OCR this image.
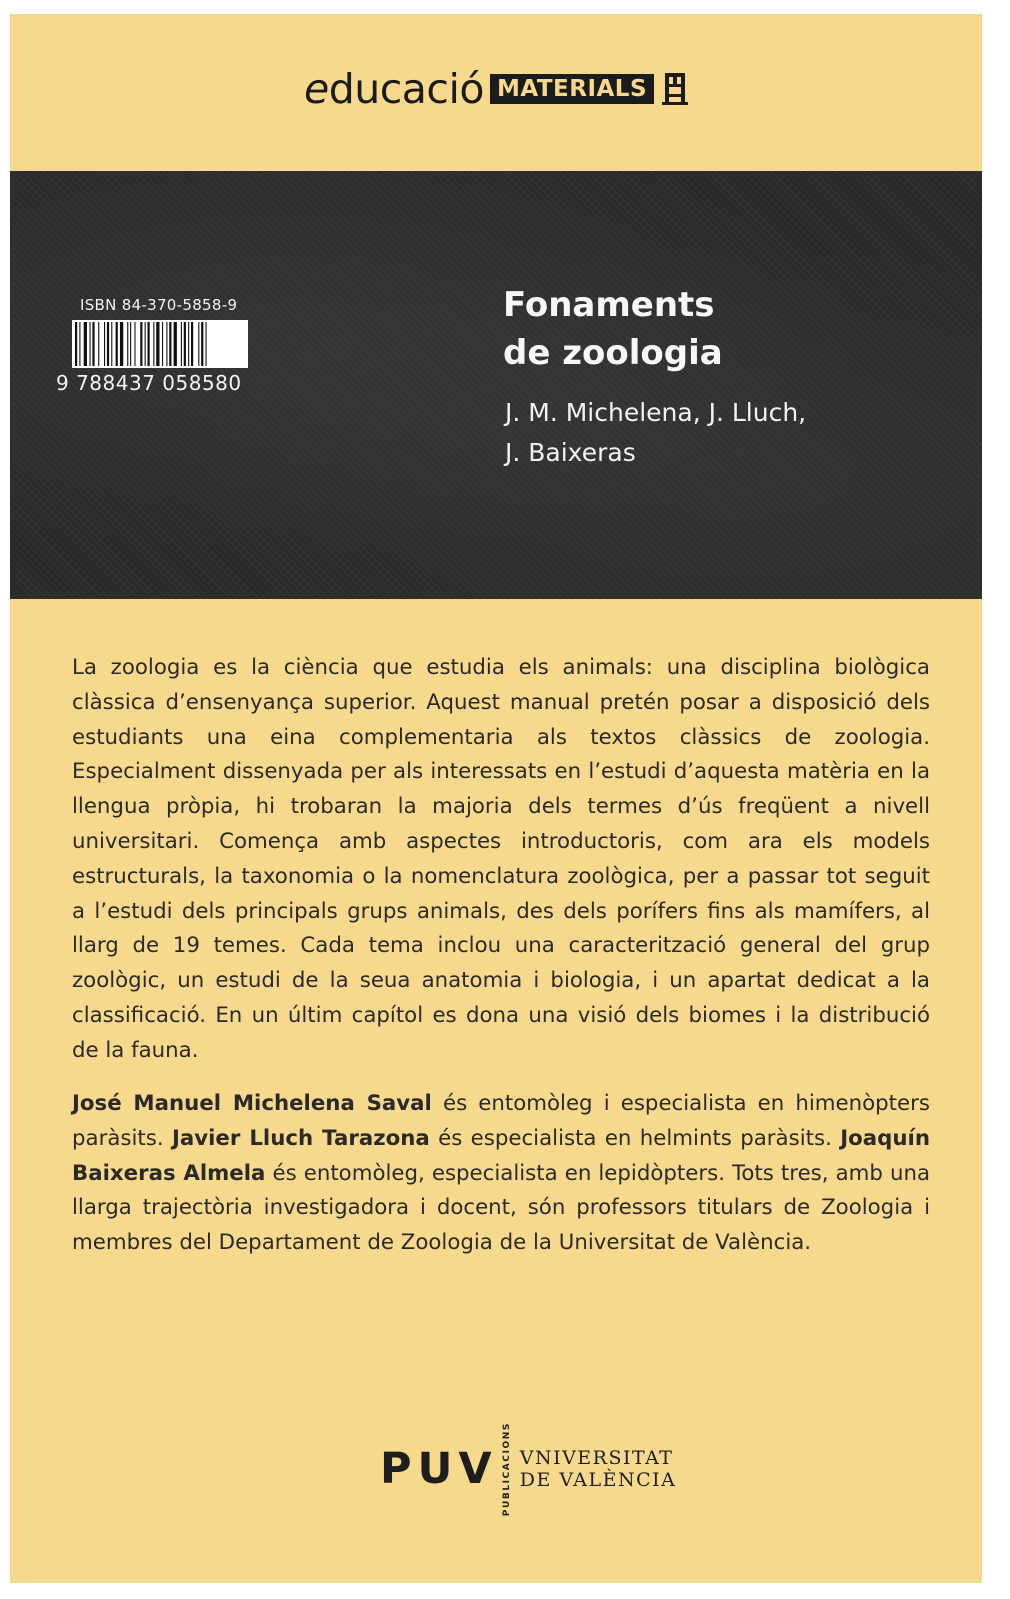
educació MATERIALS
ISBN 84-370-5858-9
9 788437 058580
Fonaments
de zoologia
J. M. Michelena, J. Lluch,
J. Baixeras

La zoologia es la ciència que estudia els animals: una disciplina biològica clàssica d’ensenyança superior. Aquest manual pretén posar a disposició dels estudiants una eina complementaria als textos clàssics de zoologia. Especialment dissenyada per als interessats en l’estudi d’aquesta matèria en la llengua pròpia, hi trobaran la majoria dels termes d’ús freqüent a nivell universitari. Comença amb aspectes introductoris, com ara els models estructurals, la taxonomia o la nomenclatura zoològica, per a passar tot seguit a l’estudi dels principals grups animals, des dels porífers fins als mamífers, al llarg de 19 temes. Cada tema inclou una caracterització general del grup zoològic, un estudi de la seua anatomia i biologia, i un apartat dedicat a la classificació. En un últim capítol es dona una visió dels biomes i la distribució de la fauna.

José Manuel Michelena Saval és entomòleg i especialista en himenòpters paràsits. Javier Lluch Tarazona és especialista en helmints paràsits. Joaquín Baixeras Almela és entomòleg, especialista en lepidòpters. Tots tres, amb una llarga trajectòria investigadora i docent, són professors titulars de Zoologia i membres del Departament de Zoologia de la Universitat de València.

PUV PUBLICACIONS VNIVERSITAT
DE VALÈNCIA
